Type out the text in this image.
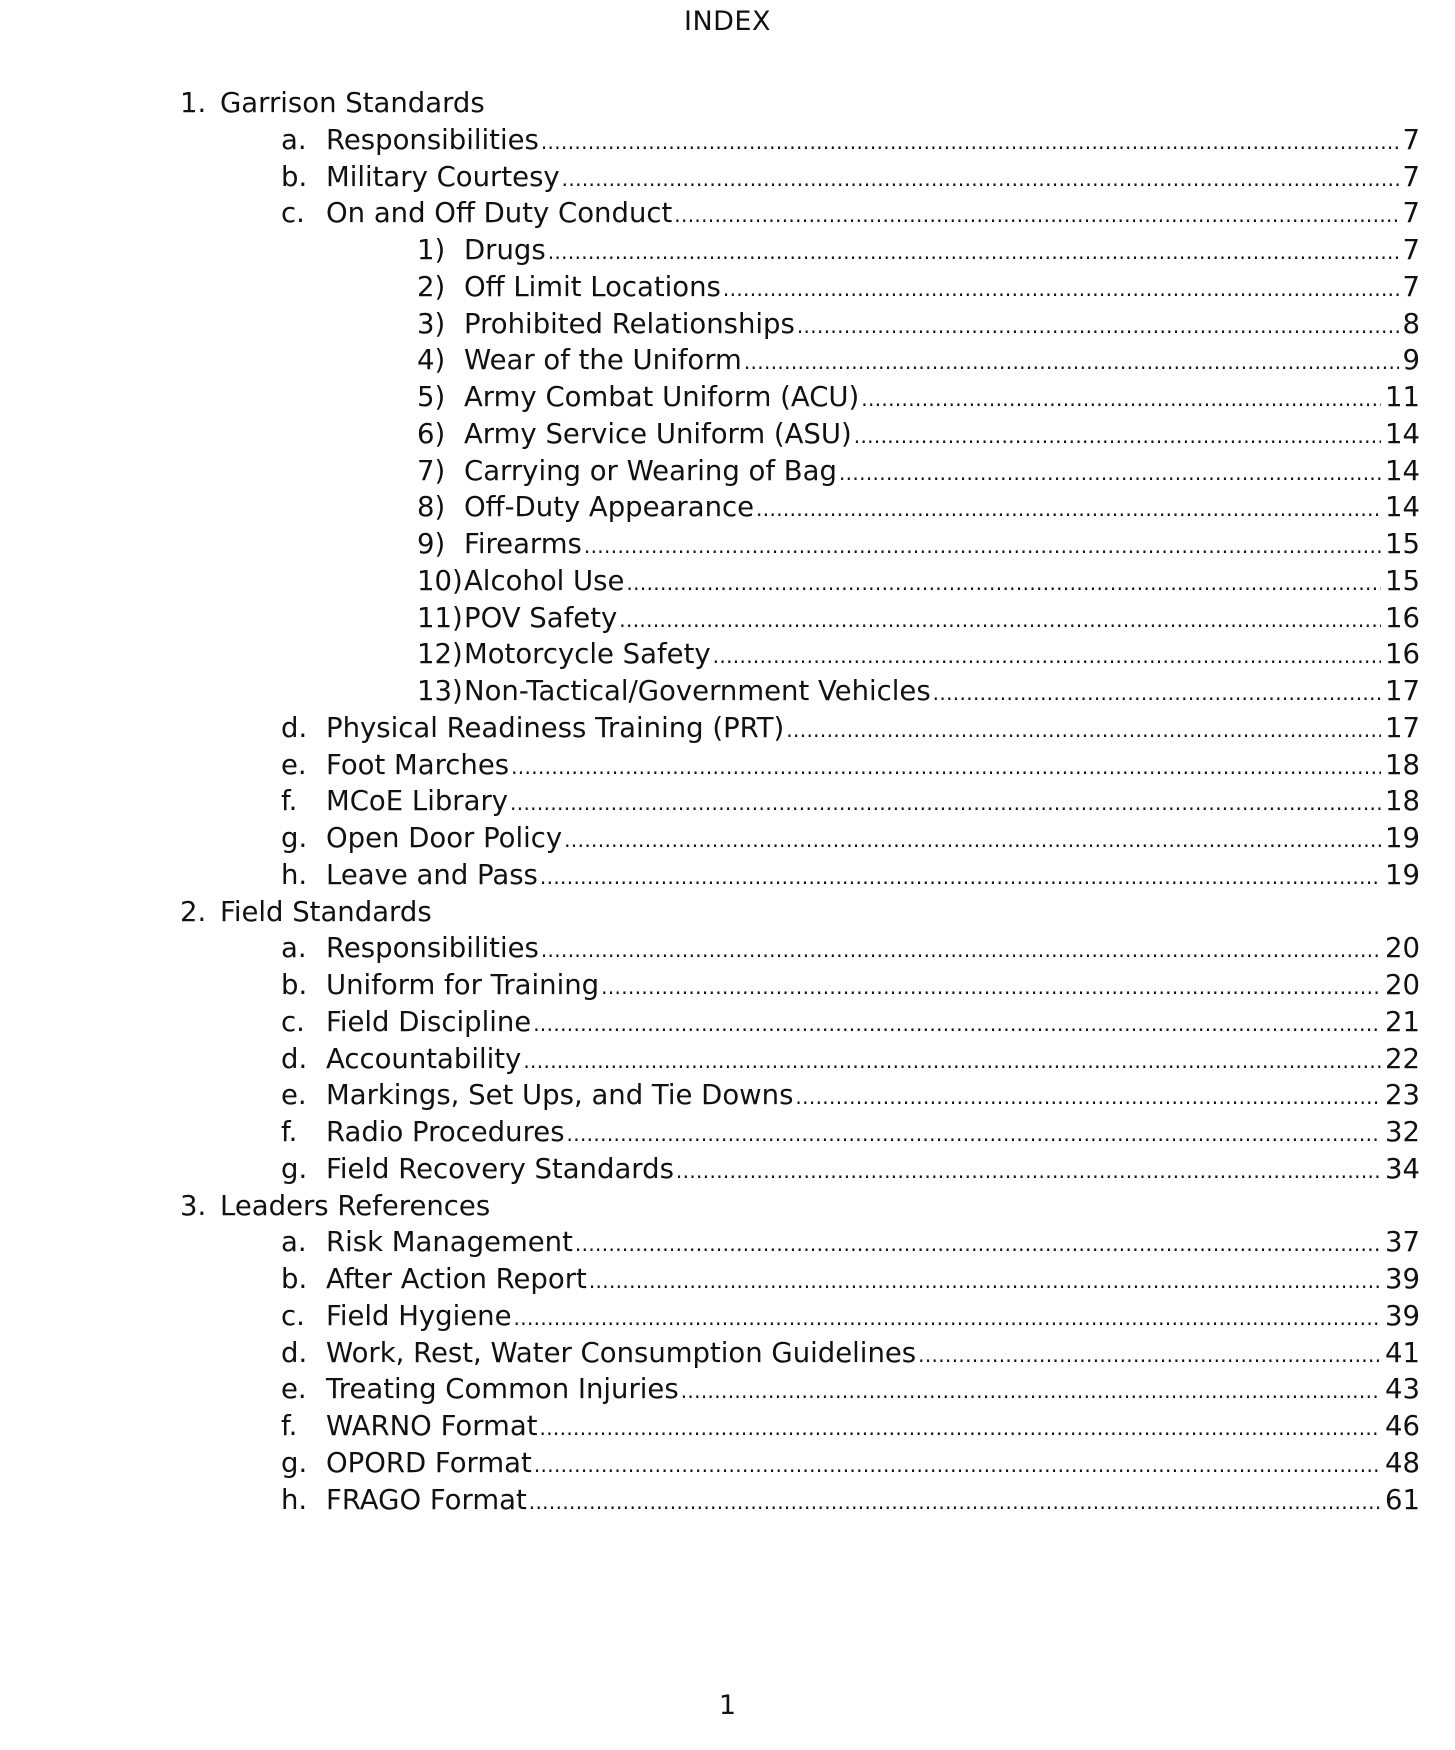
INDEX
1. Garrison Standards
a. Responsibilities . . .	7
b. Military Courtesy . . .	7
c. On and Off Duty Conduct . . .	7
1) Drugs . . .	7
2) Off Limit Locations . . .	7
3) Prohibited Relationships . . .	8
4) Wear of the Uniform . . .	9
5) Army Combat Uniform (ACU) . . .	11
6) Army Service Uniform (ASU) . . .	14
7) Carrying or Wearing of Bag . . .	14
8) Off-Duty Appearance . . .	14
9) Firearms . . .	15
10) Alcohol Use . . .	15
11) POV Safety . . .	16
12) Motorcycle Safety . . .	16
13) Non-Tactical/Government Vehicles . . .	17
d. Physical Readiness Training (PRT) . . .	17
e. Foot Marches . . .	18
f.	MCoE Library . . .	18
g. Open Door Policy . . .	19
h. Leave and Pass . . .	19
2. Field Standards
a. Responsibilities . . .	20
b. Uniform for Training . . .	20
c. Field Discipline . . .	21
d. Accountability . . .	22
e. Markings, Set Ups, and Tie Downs . . .	23
f.	Radio Procedures . . .	32
g. Field Recovery Standards . . .	34
3. Leaders References
a. Risk Management . . .	37
b. After Action Report . . .	39
c. Field Hygiene . . .	39
d. Work, Rest, Water Consumption Guidelines . . .	41
e. Treating Common Injuries . . .	43
f.	WARNO Format . . .	46
g. OPORD Format . . .	48
h. FRAGO Format . . .	61
1
